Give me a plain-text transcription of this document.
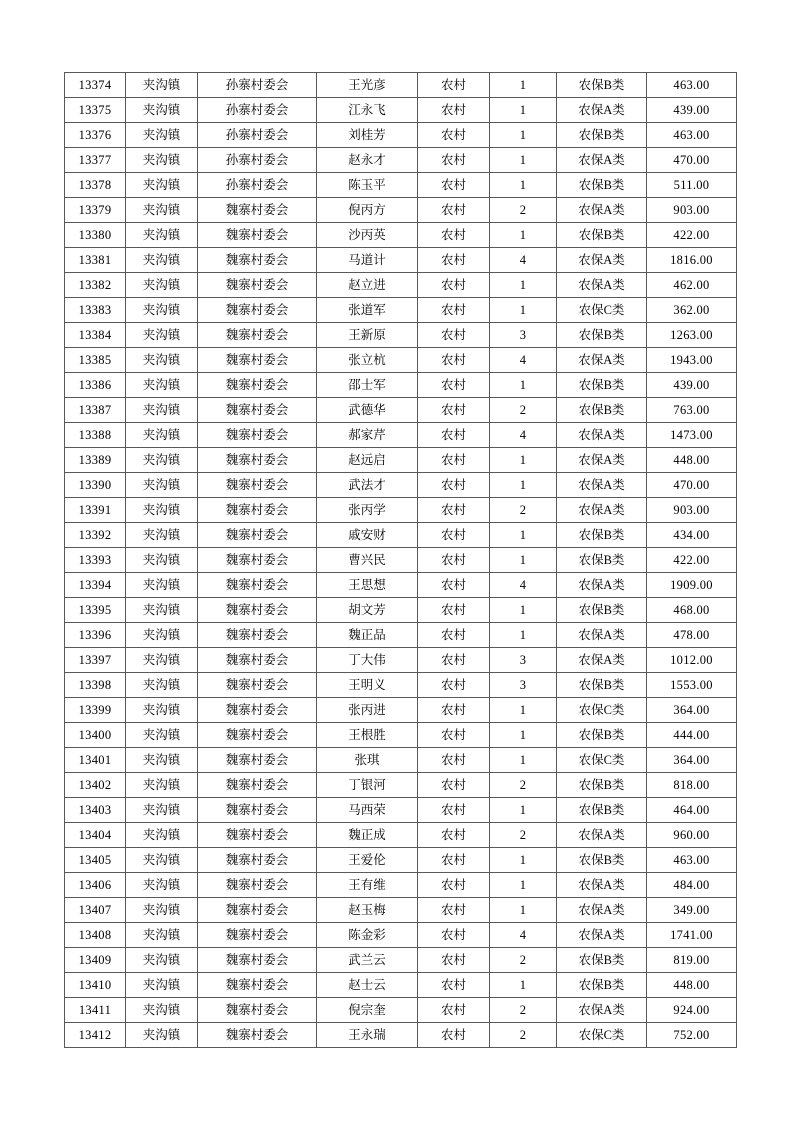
13374	夹沟镇	孙寨村委会	王光彦	农村	1	农保B类	463.00
13375	夹沟镇	孙寨村委会	江永飞	农村	1	农保A类	439.00
13376	夹沟镇	孙寨村委会	刘桂芳	农村	1	农保B类	463.00
13377	夹沟镇	孙寨村委会	赵永才	农村	1	农保A类	470.00
13378	夹沟镇	孙寨村委会	陈玉平	农村	1	农保B类	511.00
13379	夹沟镇	魏寨村委会	倪丙方	农村	2	农保A类	903.00
13380	夹沟镇	魏寨村委会	沙丙英	农村	1	农保B类	422.00
13381	夹沟镇	魏寨村委会	马道计	农村	4	农保A类	1816.00
13382	夹沟镇	魏寨村委会	赵立进	农村	1	农保A类	462.00
13383	夹沟镇	魏寨村委会	张道军	农村	1	农保C类	362.00
13384	夹沟镇	魏寨村委会	王新原	农村	3	农保B类	1263.00
13385	夹沟镇	魏寨村委会	张立杭	农村	4	农保A类	1943.00
13386	夹沟镇	魏寨村委会	邵士军	农村	1	农保B类	439.00
13387	夹沟镇	魏寨村委会	武德华	农村	2	农保B类	763.00
13388	夹沟镇	魏寨村委会	郝家芹	农村	4	农保A类	1473.00
13389	夹沟镇	魏寨村委会	赵远启	农村	1	农保A类	448.00
13390	夹沟镇	魏寨村委会	武法才	农村	1	农保A类	470.00
13391	夹沟镇	魏寨村委会	张丙学	农村	2	农保A类	903.00
13392	夹沟镇	魏寨村委会	戚安财	农村	1	农保B类	434.00
13393	夹沟镇	魏寨村委会	曹兴民	农村	1	农保B类	422.00
13394	夹沟镇	魏寨村委会	王思想	农村	4	农保A类	1909.00
13395	夹沟镇	魏寨村委会	胡文芳	农村	1	农保B类	468.00
13396	夹沟镇	魏寨村委会	魏正品	农村	1	农保A类	478.00
13397	夹沟镇	魏寨村委会	丁大伟	农村	3	农保A类	1012.00
13398	夹沟镇	魏寨村委会	王明义	农村	3	农保B类	1553.00
13399	夹沟镇	魏寨村委会	张丙进	农村	1	农保C类	364.00
13400	夹沟镇	魏寨村委会	王根胜	农村	1	农保B类	444.00
13401	夹沟镇	魏寨村委会	张琪	农村	1	农保C类	364.00
13402	夹沟镇	魏寨村委会	丁银河	农村	2	农保B类	818.00
13403	夹沟镇	魏寨村委会	马西荣	农村	1	农保B类	464.00
13404	夹沟镇	魏寨村委会	魏正成	农村	2	农保A类	960.00
13405	夹沟镇	魏寨村委会	王爱伦	农村	1	农保B类	463.00
13406	夹沟镇	魏寨村委会	王有维	农村	1	农保A类	484.00
13407	夹沟镇	魏寨村委会	赵玉梅	农村	1	农保A类	349.00
13408	夹沟镇	魏寨村委会	陈金彩	农村	4	农保A类	1741.00
13409	夹沟镇	魏寨村委会	武兰云	农村	2	农保B类	819.00
13410	夹沟镇	魏寨村委会	赵士云	农村	1	农保B类	448.00
13411	夹沟镇	魏寨村委会	倪宗奎	农村	2	农保A类	924.00
13412	夹沟镇	魏寨村委会	王永瑞	农村	2	农保C类	752.00
